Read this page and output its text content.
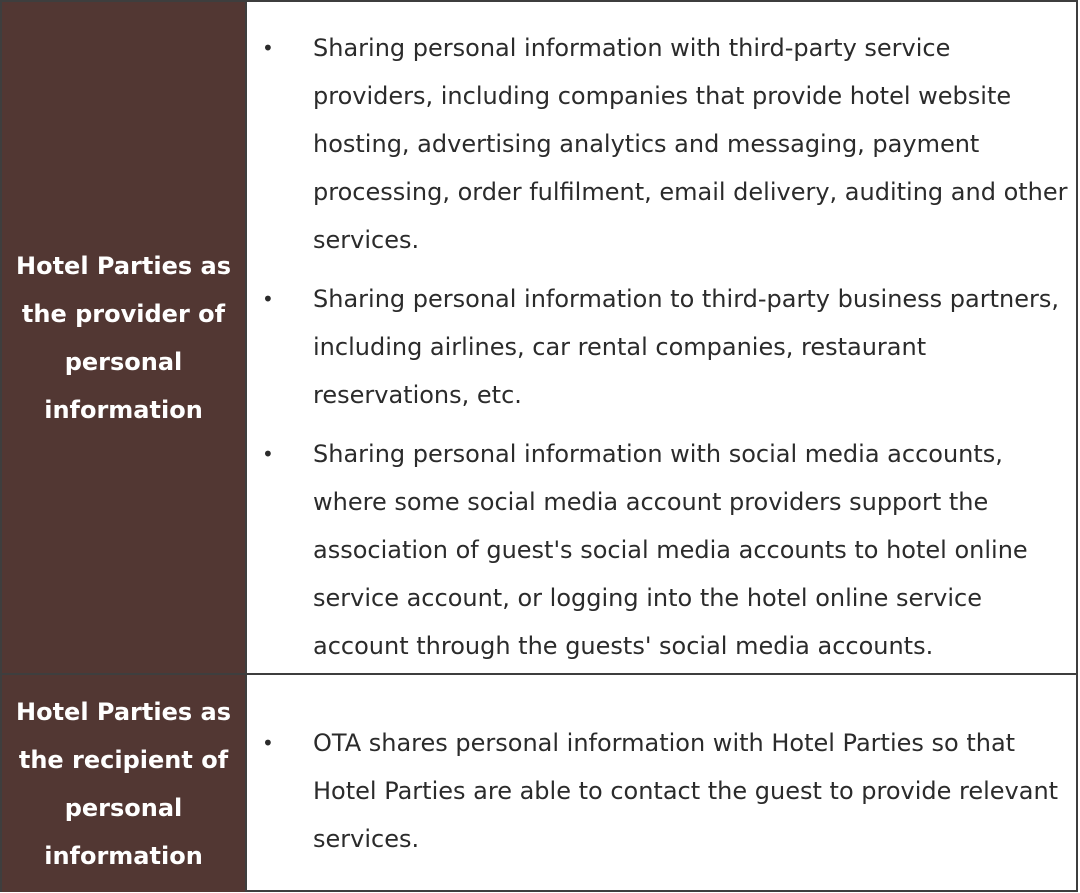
Hotel Parties as the provider of personal information
• Sharing personal information with third-party service providers, including companies that provide hotel website hosting, advertising analytics and messaging, payment processing, order fulfilment, email delivery, auditing and other services.
• Sharing personal information to third-party business partners, including airlines, car rental companies, restaurant reservations, etc.
• Sharing personal information with social media accounts, where some social media account providers support the association of guest's social media accounts to hotel online service account, or logging into the hotel online service account through the guests' social media accounts.
Hotel Parties as the recipient of personal information
• OTA shares personal information with Hotel Parties so that Hotel Parties are able to contact the guest to provide relevant services.
